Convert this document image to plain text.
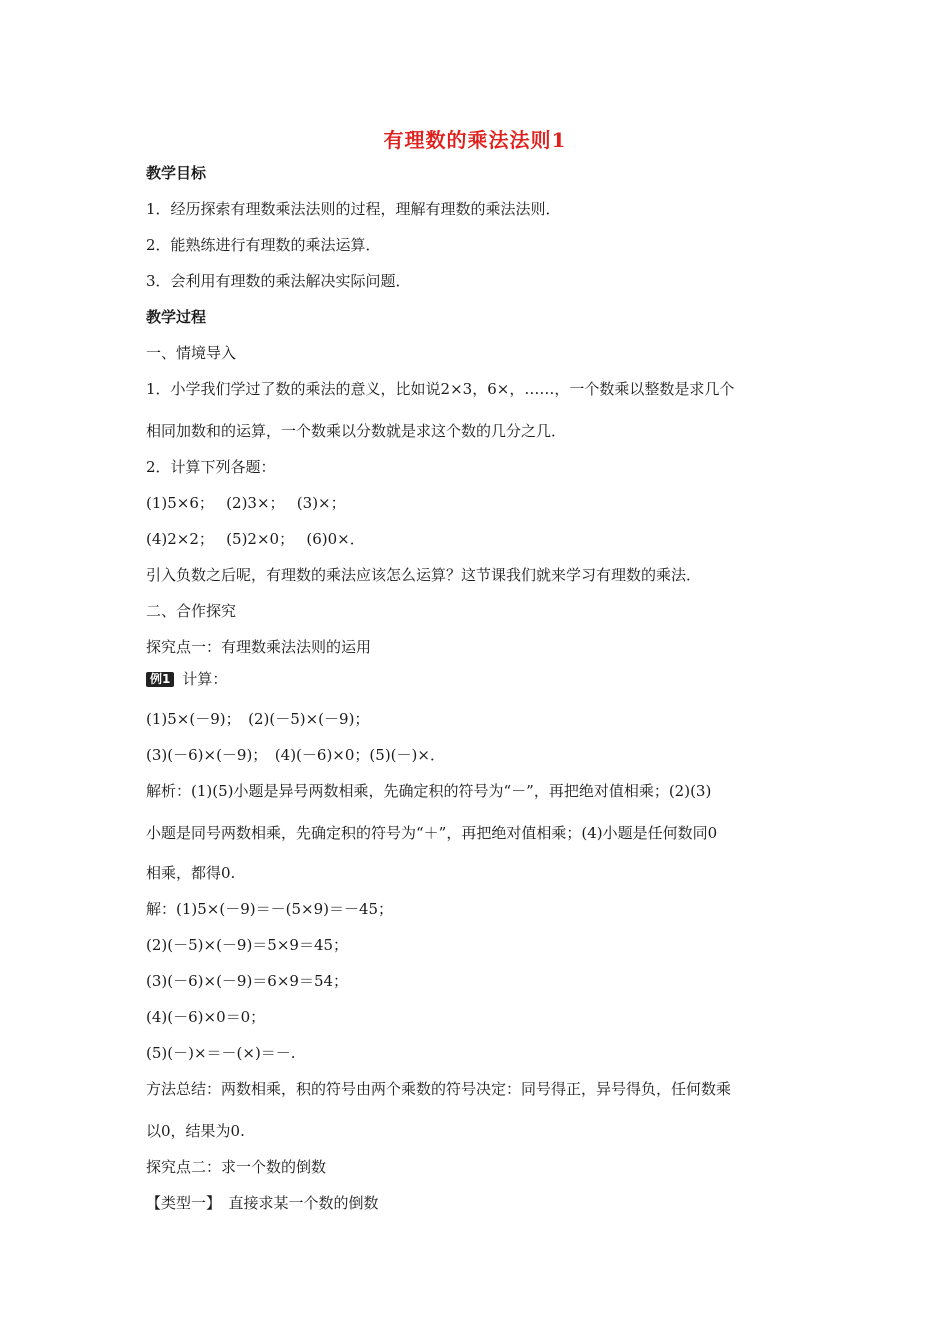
有理数的乘法法则1
教学目标
1．经历探索有理数乘法法则的过程，理解有理数的乘法法则．
2．能熟练进行有理数的乘法运算．
3．会利用有理数的乘法解决实际问题．
教学过程
一、情境导入
1．小学我们学过了数的乘法的意义，比如说2×3，6×，……，一个数乘以整数是求几个
相同加数和的运算，一个数乘以分数就是求这个数的几分之几．
2．计算下列各题：
(1)5×6；　 (2)3×；　 (3)×；
(4)2×2；　 (5)2×0；　 (6)0×．
引入负数之后呢，有理数的乘法应该怎么运算？这节课我们就来学习有理数的乘法．
二、合作探究
探究点一：有理数乘法法则的运用
例1 计算：
(1)5×(－9)；　(2)(－5)×(－9)；
(3)(－6)×(－9)；　(4)(－6)×0；(5)(－)×．
解析：(1)(5)小题是异号两数相乘，先确定积的符号为“－”，再把绝对值相乘；(2)(3)
小题是同号两数相乘，先确定积的符号为“＋”，再把绝对值相乘；(4)小题是任何数同0
相乘，都得0.
解：(1)5×(－9)＝－(5×9)＝－45；
(2)(－5)×(－9)＝5×9＝45；
(3)(－6)×(－9)＝6×9＝54；
(4)(－6)×0＝0；
(5)(－)×＝－(×)＝－.
方法总结：两数相乘，积的符号由两个乘数的符号决定：同号得正，异号得负，任何数乘
以0，结果为0.
探究点二：求一个数的倒数
【类型一】　直接求某一个数的倒数
